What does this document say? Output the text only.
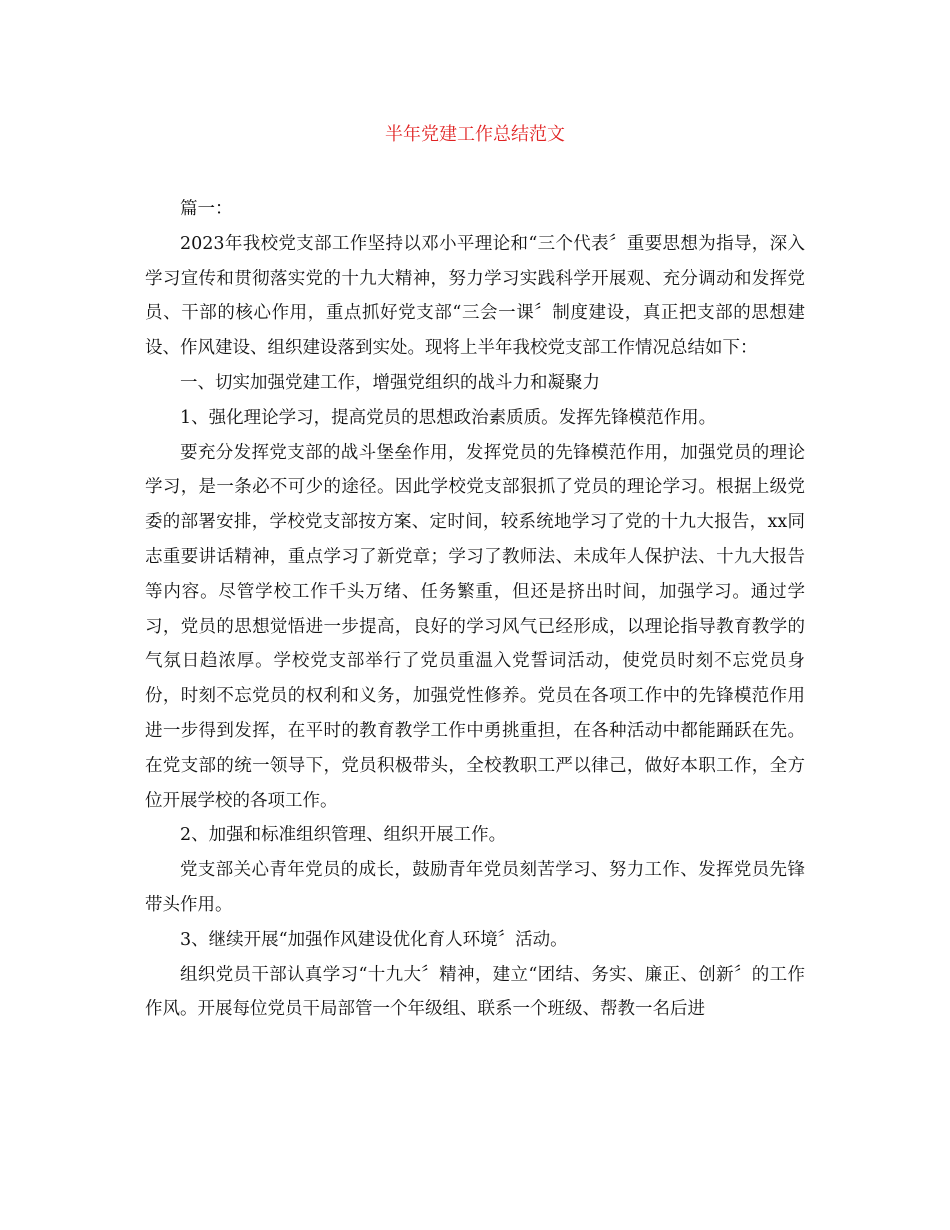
半年党建工作总结范文

篇一：

2023年我校党支部工作坚持以邓小平理论和“三个代表〞重要思想为指导，深入学习宣传和贯彻落实党的十九大精神，努力学习实践科学开展观、充分调动和发挥党员、干部的核心作用，重点抓好党支部“三会一课〞制度建设，真正把支部的思想建设、作风建设、组织建设落到实处。现将上半年我校党支部工作情况总结如下：

一、切实加强党建工作，增强党组织的战斗力和凝聚力

1、强化理论学习，提高党员的思想政治素质质。发挥先锋模范作用。

要充分发挥党支部的战斗堡垒作用，发挥党员的先锋模范作用，加强党员的理论学习，是一条必不可少的途径。因此学校党支部狠抓了党员的理论学习。根据上级党委的部署安排，学校党支部按方案、定时间，较系统地学习了党的十九大报告，xx同志重要讲话精神，重点学习了新党章；学习了教师法、未成年人保护法、十九大报告等内容。尽管学校工作千头万绪、任务繁重，但还是挤出时间，加强学习。通过学习，党员的思想觉悟进一步提高，良好的学习风气已经形成，以理论指导教育教学的气氛日趋浓厚。学校党支部举行了党员重温入党誓词活动，使党员时刻不忘党员身份，时刻不忘党员的权利和义务，加强党性修养。党员在各项工作中的先锋模范作用进一步得到发挥，在平时的教育教学工作中勇挑重担，在各种活动中都能踊跃在先。在党支部的统一领导下，党员积极带头，全校教职工严以律己，做好本职工作，全方位开展学校的各项工作。

2、加强和标准组织管理、组织开展工作。

党支部关心青年党员的成长，鼓励青年党员刻苦学习、努力工作、发挥党员先锋带头作用。

3、继续开展“加强作风建设优化育人环境〞活动。

组织党员干部认真学习“十九大〞精神，建立“团结、务实、廉正、创新〞的工作作风。开展每位党员干局部管一个年级组、联系一个班级、帮教一名后进
